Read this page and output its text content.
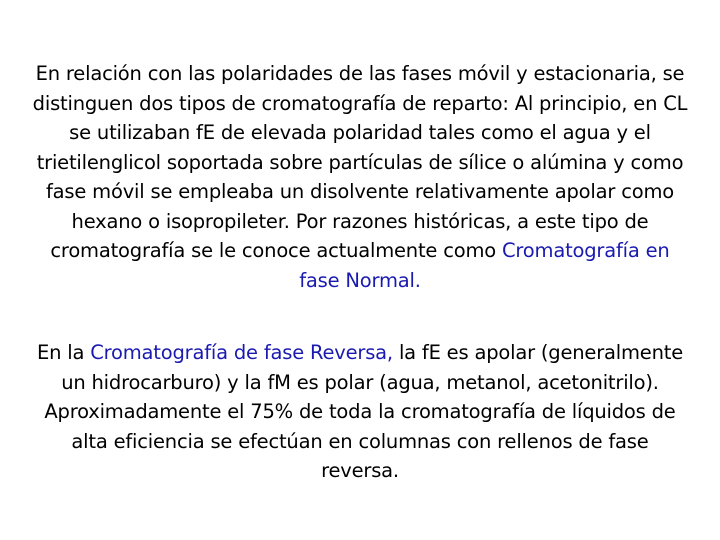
En relación con las polaridades de las fases móvil y estacionaria, se distinguen dos tipos de cromatografía de reparto: Al principio, en CL se utilizaban fE de elevada polaridad tales como el agua y el trietilenglicol soportada sobre partículas de sílice o alúmina y como fase móvil se empleaba un disolvente relativamente apolar como hexano o isopropileter. Por razones históricas, a este tipo de cromatografía se le conoce actualmente como Cromatografía en fase Normal.

En la Cromatografía de fase Reversa, la fE es apolar (generalmente un hidrocarburo) y la fM es polar (agua, metanol, acetonitrilo). Aproximadamente el 75% de toda la cromatografía de líquidos de alta eficiencia se efectúan en columnas con rellenos de fase reversa.
